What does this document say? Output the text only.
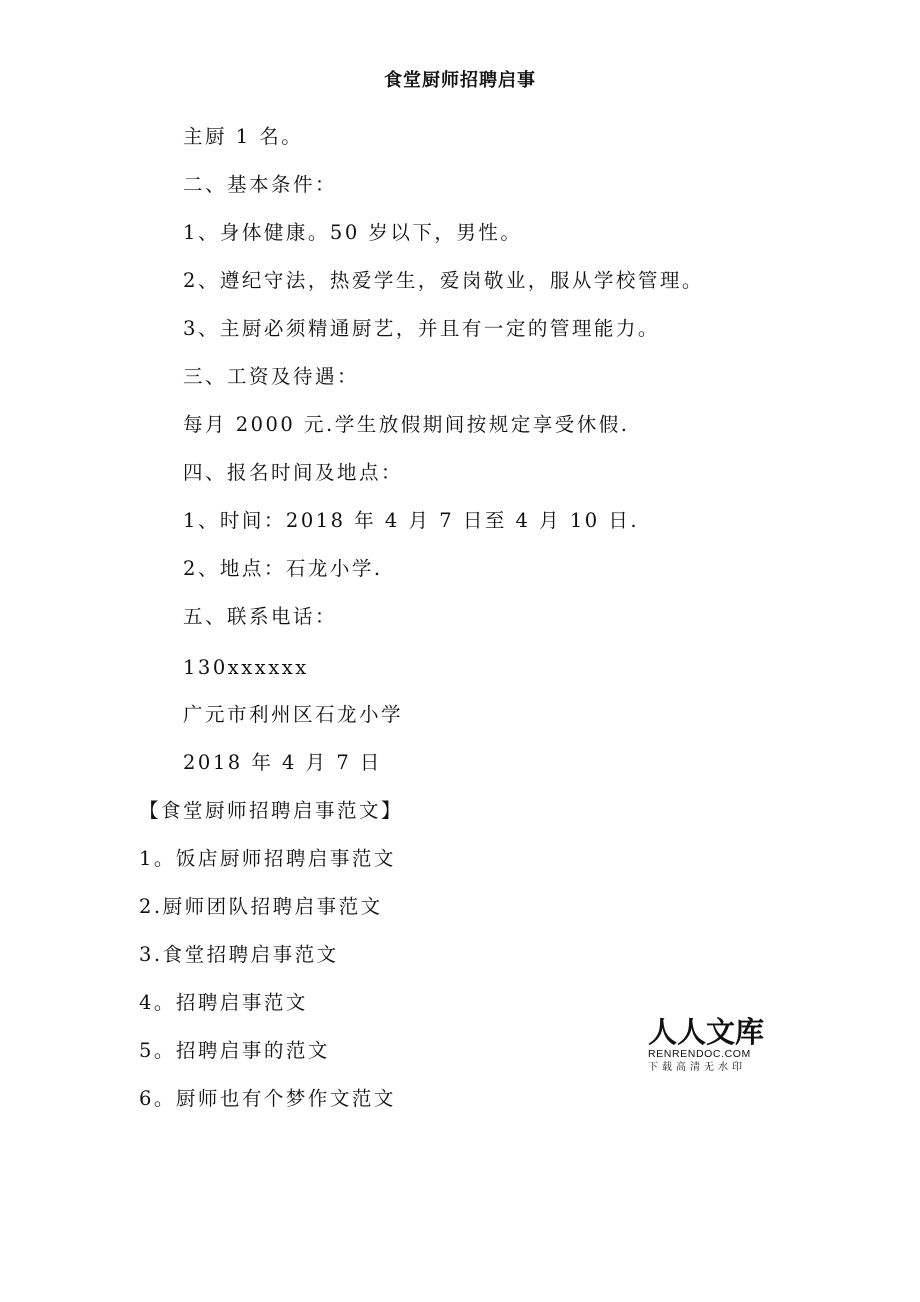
食堂厨师招聘启事
主厨 1 名。
二、基本条件：
1、身体健康。50 岁以下，男性。
2、遵纪守法，热爱学生，爱岗敬业，服从学校管理。
3、主厨必须精通厨艺，并且有一定的管理能力。
三、工资及待遇：
每月 2000 元.学生放假期间按规定享受休假.
四、报名时间及地点：
1、时间：2018 年 4 月 7 日至 4 月 10 日.
2、地点：石龙小学.
五、联系电话：
130xxxxxx
广元市利州区石龙小学
2018 年 4 月 7 日
【食堂厨师招聘启事范文】
1。饭店厨师招聘启事范文
2.厨师团队招聘启事范文
3.食堂招聘启事范文
4。招聘启事范文
5。招聘启事的范文
6。厨师也有个梦作文范文
人人文库
RENRENDOC.COM
下载高清无水印
